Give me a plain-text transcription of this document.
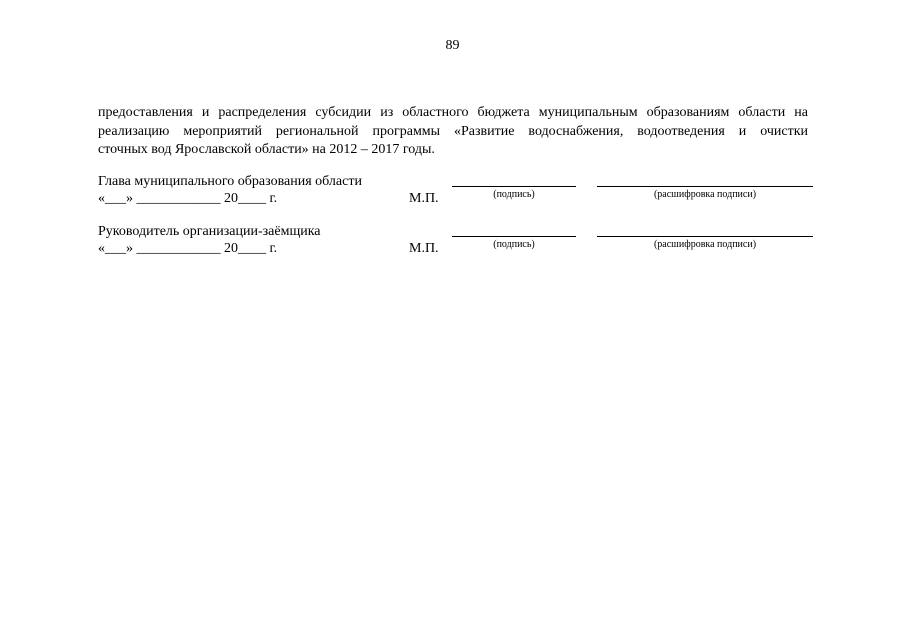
89
предоставления и распределения субсидии из областного бюджета муниципальным образованиям области на
реализацию мероприятий региональной программы «Развитие водоснабжения, водоотведения и очистки
сточных вод Ярославской области» на 2012 – 2017 годы.
Глава муниципального образования области
«___» ____________ 20____ г.	М.П.	(подпись)	(расшифровка подписи)
Руководитель организации-заёмщика
«___» ____________ 20____ г.	М.П.	(подпись)	(расшифровка подписи)
